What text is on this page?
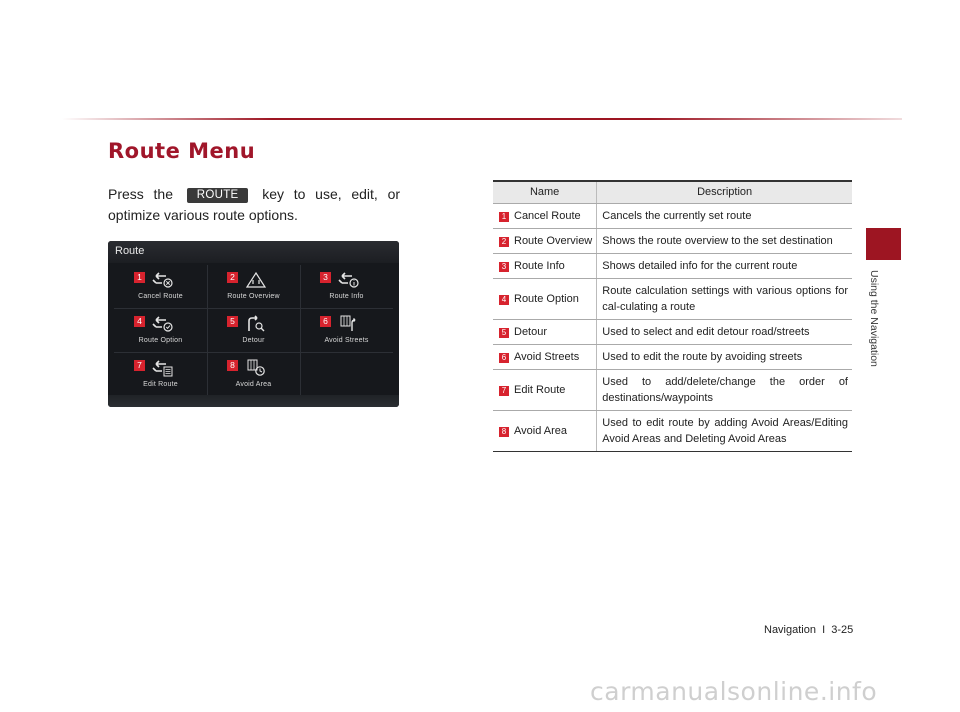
Route Menu

Press the ROUTE key to use, edit, or optimize various route options.

Route
1
Cancel Route
2
Route Overview
3
Route Info
4
Route Option
5
Detour
6
Avoid Streets
7
Edit Route
8
Avoid Area
Name	Description
1 Cancel Route	Cancels the currently set route
2 Route Overview	Shows the route overview to the set destination
3 Route Info	Shows detailed info for the current route
4 Route Option	Route calculation settings with various options for cal-culating a route
5 Detour	Used to select and edit detour road/streets
6 Avoid Streets	Used to edit the route by avoiding streets
7 Edit Route	Used to add/delete/change the order of destinations/waypoints
8 Avoid Area	Used to edit route by adding Avoid Areas/Editing Avoid Areas and Deleting Avoid Areas
Using the Navigation
Navigation  I  3-25
carmanualsonline.info
